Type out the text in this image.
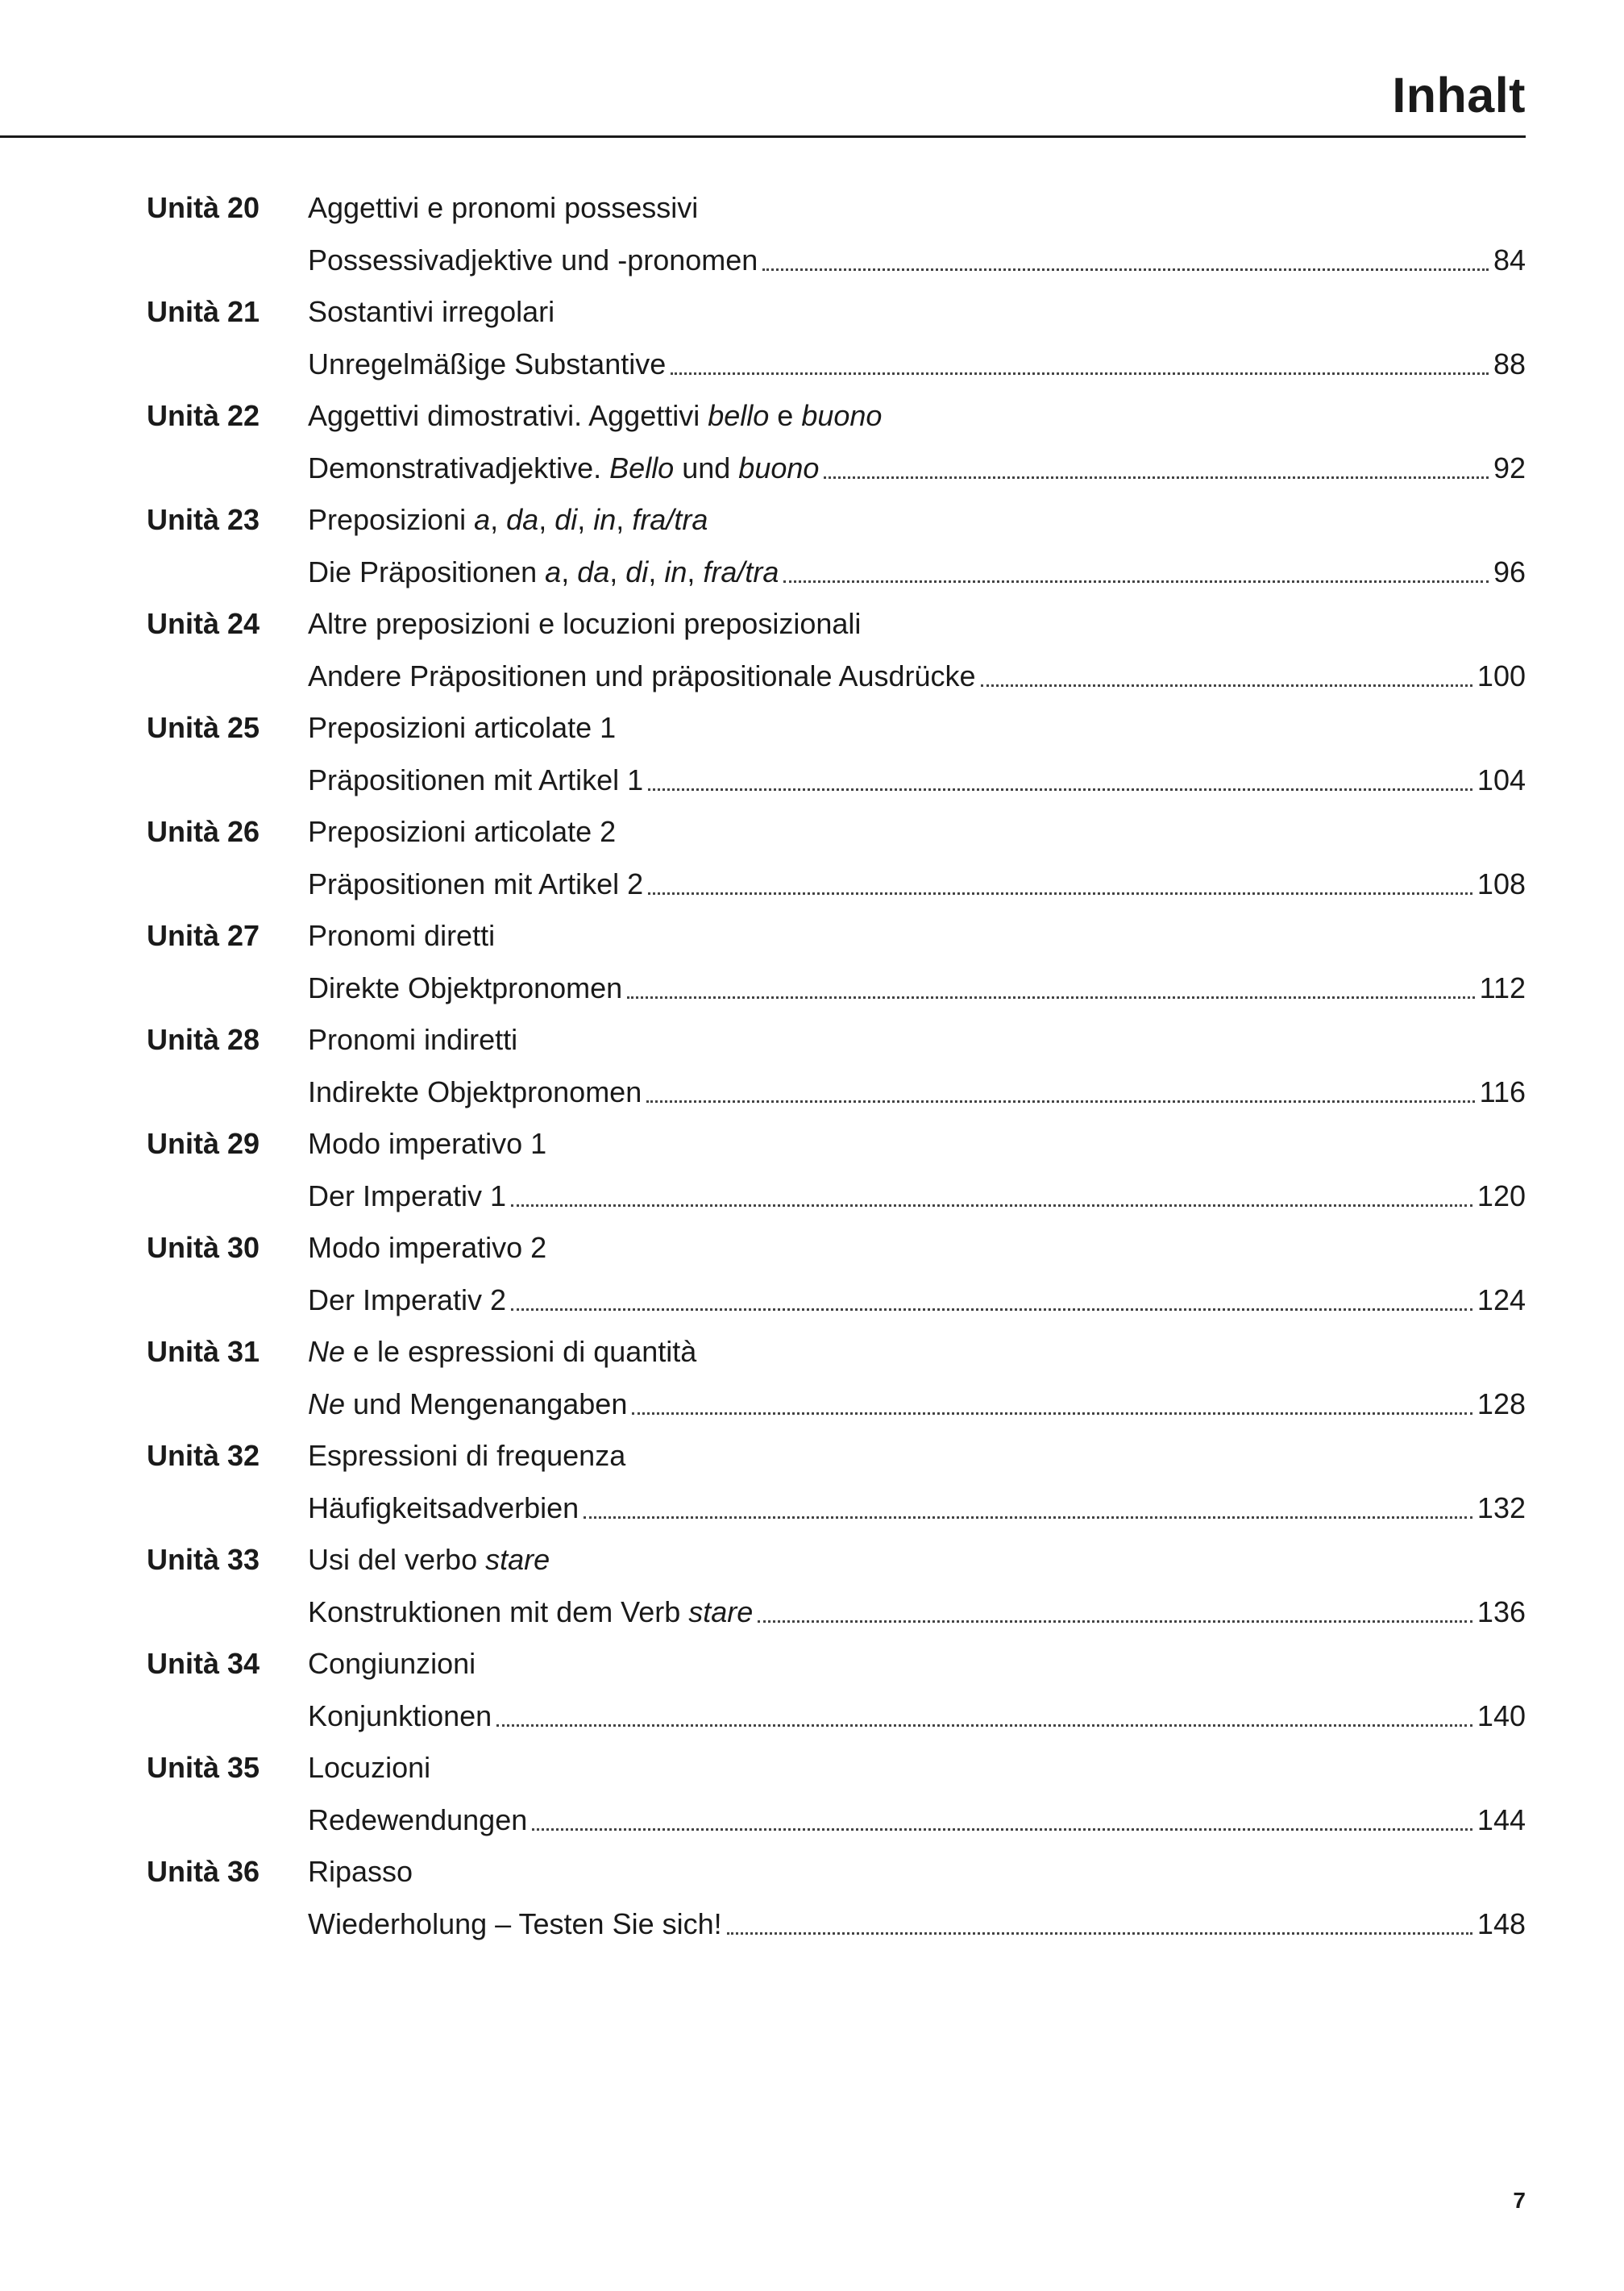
Inhalt
Unità 20	Aggettivi e pronomi possessivi
Possessivadjektive und -pronomen	84
Unità 21	Sostantivi irregolari
Unregelmäßige Substantive	88
Unità 22	Aggettivi dimostrativi. Aggettivi bello e buono
Demonstrativadjektive. Bello und buono	92
Unità 23	Preposizioni a, da, di, in, fra/tra
Die Präpositionen a, da, di, in, fra/tra	96
Unità 24	Altre preposizioni e locuzioni preposizionali
Andere Präpositionen und präpositionale Ausdrücke	100
Unità 25	Preposizioni articolate 1
Präpositionen mit Artikel 1	104
Unità 26	Preposizioni articolate 2
Präpositionen mit Artikel 2	108
Unità 27	Pronomi diretti
Direkte Objektpronomen	112
Unità 28	Pronomi indiretti
Indirekte Objektpronomen	116
Unità 29	Modo imperativo 1
Der Imperativ 1	120
Unità 30	Modo imperativo 2
Der Imperativ 2	124
Unità 31	Ne e le espressioni di quantità
Ne und Mengenangaben	128
Unità 32	Espressioni di frequenza
Häufigkeitsadverbien	132
Unità 33	Usi del verbo stare
Konstruktionen mit dem Verb stare	136
Unità 34	Congiunzioni
Konjunktionen	140
Unità 35	Locuzioni
Redewendungen	144
Unità 36	Ripasso
Wiederholung – Testen Sie sich!	148
7
